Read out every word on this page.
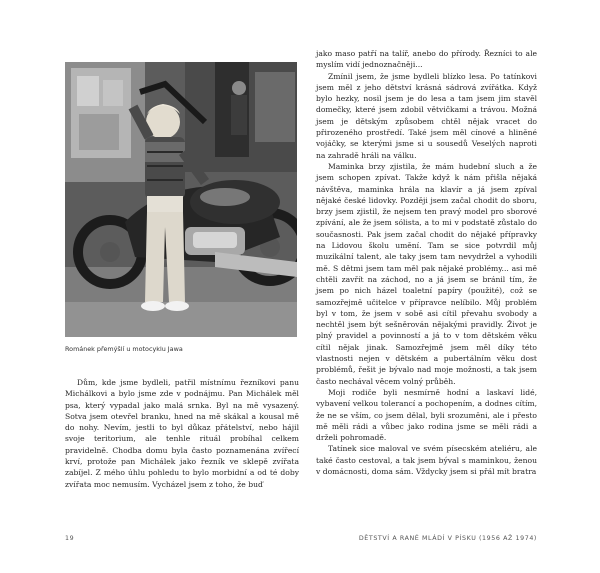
Románek přemýšlí u motocyklu Jawa

Dům, kde jsme bydleli, patřil místnímu řezníkovi panu Michálkovi a bylo jsme zde v podnájmu. Pan Michálek měl psa, který vypadal jako malá srnka. Byl na mě vysazený. Sotva jsem otevřel branku, hned na mě skákal a kousal mě do nohy. Nevím, jestli to byl důkaz přátelství, nebo hájil svoje teritorium, ale tenhle rituál probíhal celkem pravidelně. Chodba domu byla často poznamenána zvířecí krví, protože pan Michálek jako řezník ve sklepě zvířata zabíjel. Z mého úhlu pohledu to bylo morbidní a od té doby zvířata moc nemusím. Vycházel jsem z toho, že buď

jako maso patří na talíř, anebo do přírody. Řezníci to ale myslím vidí jednoznačněji...

Zmínil jsem, že jsme bydleli blízko lesa. Po tatínkovi jsem měl z jeho dětství krásná sádrová zvířátka. Když bylo hezky, nosil jsem je do lesa a tam jsem jim stavěl domečky, které jsem zdobil větvičkami a trávou. Možná jsem je dětským způsobem chtěl nějak vracet do přirozeného prostředí. Také jsem měl cínové a hliněné vojáčky, se kterými jsme si u sousedů Veselých naproti na zahradě hráli na válku.

Maminka brzy zjistila, že mám hudební sluch a že jsem schopen zpívat. Takže když k nám přišla nějaká návštěva, maminka hrála na klavír a já jsem zpíval nějaké české lidovky. Později jsem začal chodit do sboru, brzy jsem zjistil, že nejsem ten pravý model pro sborové zpívání, ale že jsem sólista, a to mi v podstatě zůstalo do současnosti. Pak jsem začal chodit do nějaké přípravky na Lidovou školu umění. Tam se sice potvrdil můj muzikální talent, ale taky jsem tam nevydržel a vyhodili mě. S dětmi jsem tam měl pak nějaké problémy... asi mě chtěli zavřít na záchod, no a já jsem se bránil tím, že jsem po nich házel toaletní papíry (použité), což se samozřejmě učitelce v přípravce nelíbilo. Můj problém byl v tom, že jsem v sobě asi cítil převahu svobody a nechtěl jsem být sešněrován nějakými pravidly. Život je plný pravidel a povinností a já to v tom dětském věku cítil nějak jinak. Samozřejmě jsem měl díky této vlastnosti nejen v dětském a pubertálním věku dost problémů, řešit je bývalo nad moje možnosti, a tak jsem často nechával věcem volný průběh.

Moji rodiče byli nesmírně hodní a laskaví lidé, vybavení velkou tolerancí a pochopením, a dodnes cítím, že ne se vším, co jsem dělal, byli srozuměni, ale i přesto mě měli rádi a vůbec jako rodina jsme se měli rádi a drželi pohromadě.

Tatínek sice maloval ve svém písecském ateliéru, ale také často cestoval, a tak jsem býval s maminkou, ženou v domácnosti, doma sám. Vždycky jsem si přál mít bratra

19	DĚTSTVÍ A RANÉ MLÁDÍ V PÍSKU (1956 AŽ 1974)
